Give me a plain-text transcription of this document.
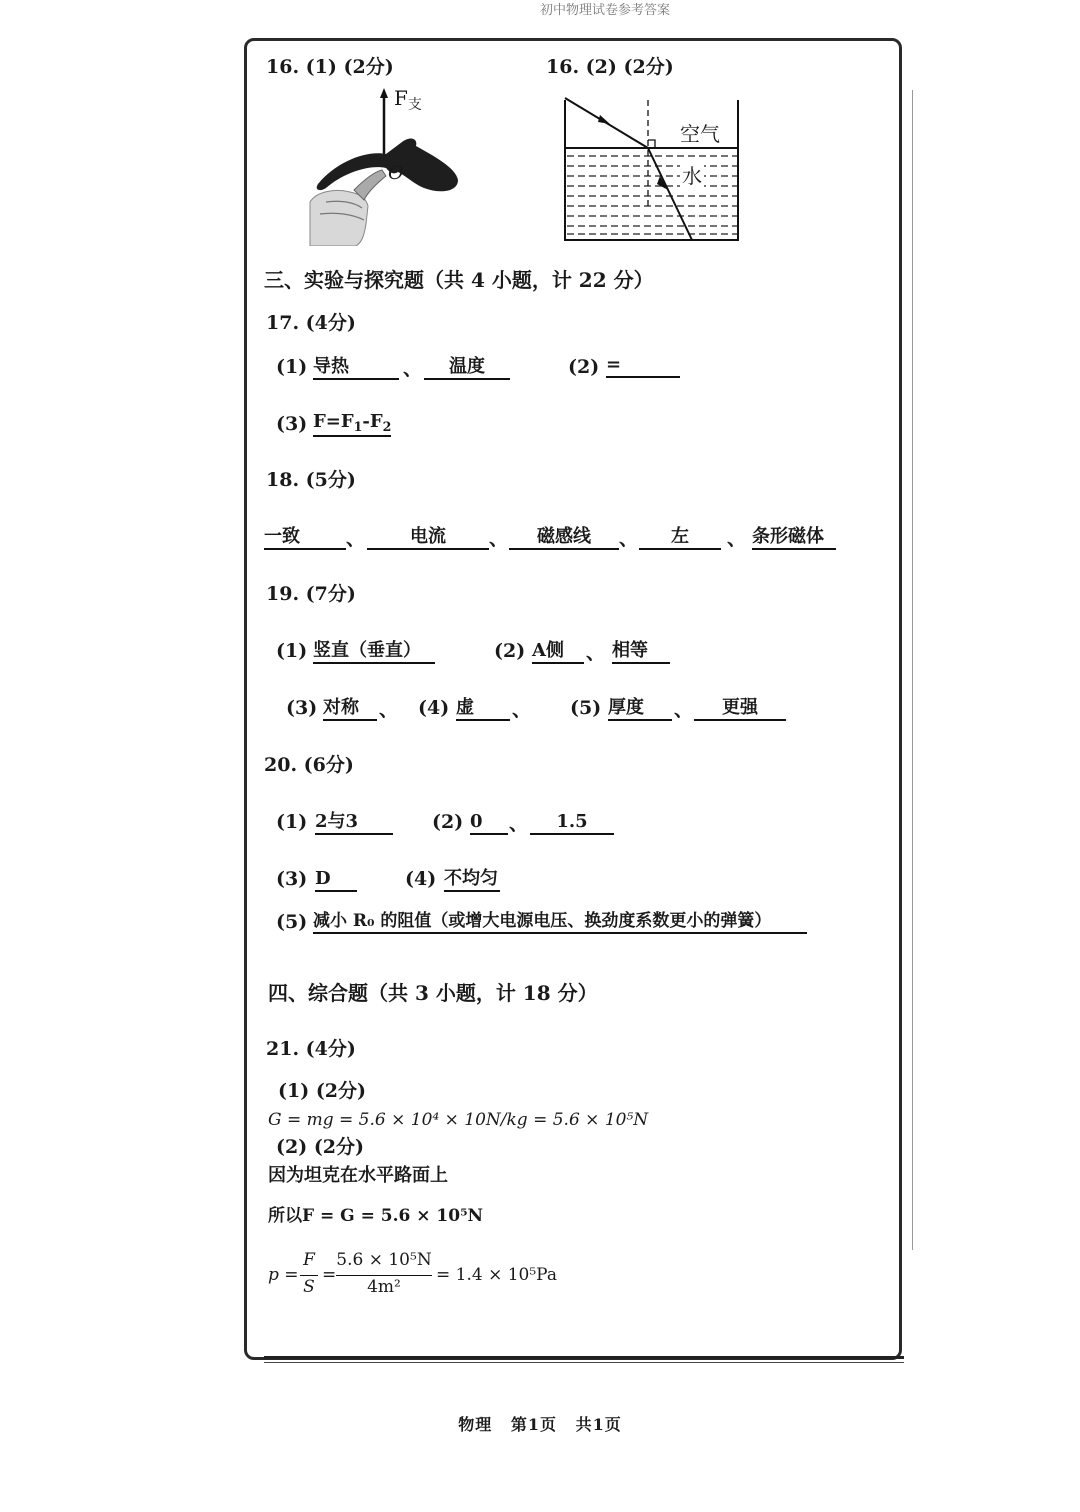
初中物理试卷参考答案
16. (1) (2分)	16. (2) (2分)
$F_支$
O
空气
水
三、实验与探究题（共 4 小题，计 22 分）
17. (4分)
(1) 导热	、	温度	(2) =
(3) $F=F_1-F_2$
18. (5分)
一致	、	电流	、	磁感线	、	左	、 条形磁体
19. (7分)
(1) 竖直（垂直）	(2) A侧	、 相等
(3) 对称	、 (4) 虚	、 (5) 厚度	、	更强
20. (6分)
(1) 2与3	(2) 0	、	1.5
(3) D	(4) 不均匀
(5) 减小 R₀ 的阻值（或增大电源电压、换劲度系数更小的弹簧）
四、综合题（共 3 小题，计 18 分）
21. (4分)
(1) (2分)
G = mg = 5.6 × 10⁴ × 10N/kg = 5.6 × 10⁵N
(2) (2分)
因为坦克在水平路面上
所以F = G = 5.6 × 10⁵N
p =
F
S
=
5.6 × 10⁵N
4m²
= 1.4 × 10⁵Pa
物理 第1页 共1页
